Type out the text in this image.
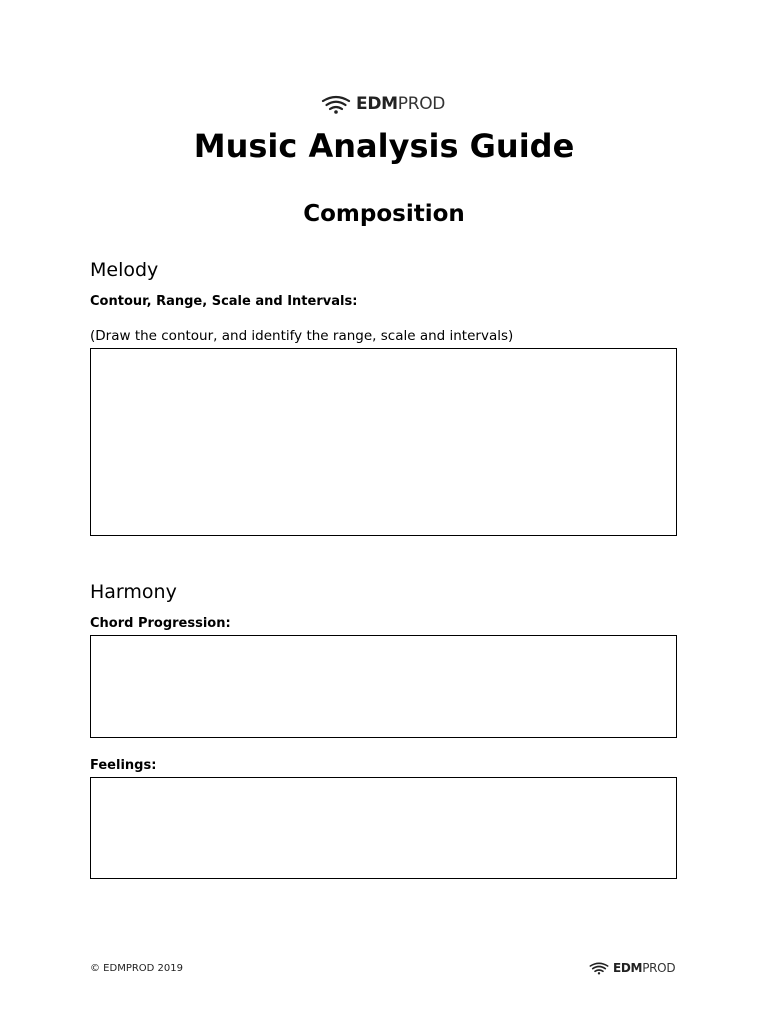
EDMPROD
Music Analysis Guide
Composition
Melody
Contour, Range, Scale and Intervals:
(Draw the contour, and identify the range, scale and intervals)
Harmony
Chord Progression:
Feelings:
© EDMPROD 2019	EDMPROD
